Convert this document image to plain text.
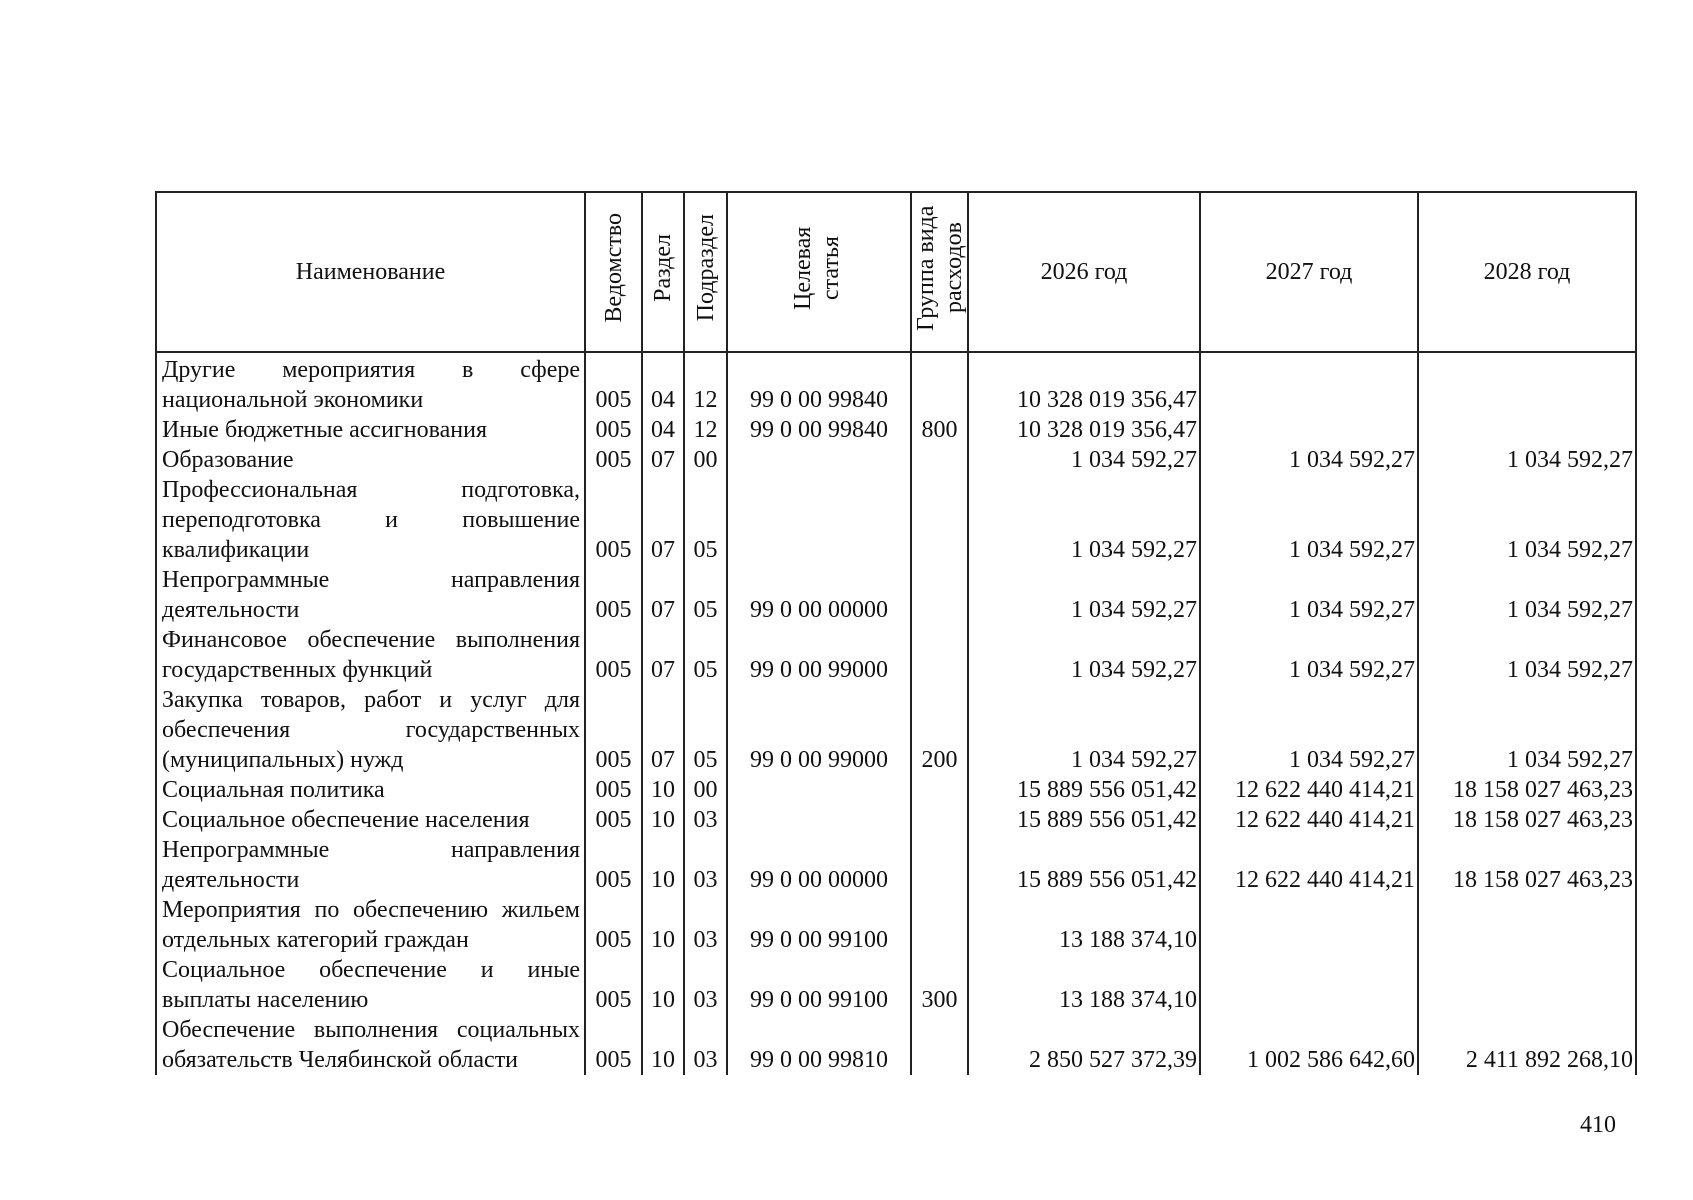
Наименование	Ведомство	Раздел	Подраздел	Целевая статья	Группа вида расходов	2026 год	2027 год	2028 год
Другие мероприятия в сфере национальной экономики	005	04	12	99 0 00 99840		10 328 019 356,47		
Иные бюджетные ассигнования	005	04	12	99 0 00 99840	800	10 328 019 356,47		
Образование	005	07	00			1 034 592,27	1 034 592,27	1 034 592,27
Профессиональная подготовка, переподготовка и повышение квалификации	005	07	05			1 034 592,27	1 034 592,27	1 034 592,27
Непрограммные направления деятельности	005	07	05	99 0 00 00000		1 034 592,27	1 034 592,27	1 034 592,27
Финансовое обеспечение выполнения государственных функций	005	07	05	99 0 00 99000		1 034 592,27	1 034 592,27	1 034 592,27
Закупка товаров, работ и услуг для обеспечения государственных (муниципальных) нужд	005	07	05	99 0 00 99000	200	1 034 592,27	1 034 592,27	1 034 592,27
Социальная политика	005	10	00			15 889 556 051,42	12 622 440 414,21	18 158 027 463,23
Социальное обеспечение населения	005	10	03			15 889 556 051,42	12 622 440 414,21	18 158 027 463,23
Непрограммные направления деятельности	005	10	03	99 0 00 00000		15 889 556 051,42	12 622 440 414,21	18 158 027 463,23
Мероприятия по обеспечению жильем отдельных категорий граждан	005	10	03	99 0 00 99100		13 188 374,10		
Социальное обеспечение и иные выплаты населению	005	10	03	99 0 00 99100	300	13 188 374,10		
Обеспечение выполнения социальных обязательств Челябинской области	005	10	03	99 0 00 99810		2 850 527 372,39	1 002 586 642,60	2 411 892 268,10
410
